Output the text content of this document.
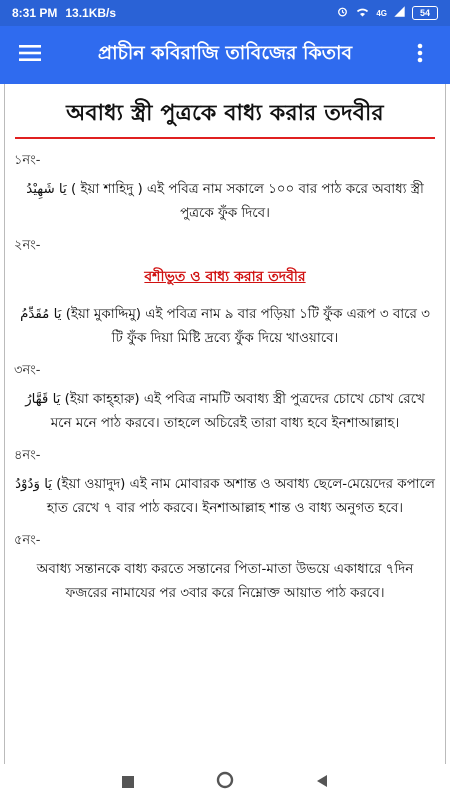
8:31 PM 13.1KB/s	4G	54
প্রাচীন কবিরাজি তাবিজের কিতাব
অবাধ্য স্ত্রী পুত্রকে বাধ্য করার তদবীর
১নং-

یَا شَهِیْدُ ( ইয়া শাহিদু ) এই পবিত্র নাম সকালে ১০০ বার পাঠ করে অবাধ্য স্ত্রী পুত্রকে ফুঁক দিবে।

২নং-
বশীভুত ও বাধ্য করার তদবীর

یَا مُقَدِّمُ (ইয়া মুকাদ্দিমু) এই পবিত্র নাম ৯ বার পড়িয়া ১টি ফুঁক এরূপ ৩ বারে ৩ টি ফুঁক দিয়া মিষ্টি দ্রব্যে ফুঁক দিয়ে খাওয়াবে।

৩নং-

یَا قَهَّارُ (ইয়া কাহ্হারু) এই পবিত্র নামটি অবাধ্য স্ত্রী পুত্রদের চোখে চোখ রেখে মনে মনে পাঠ করবে। তাহলে অচিরেই তারা বাধ্য হবে ইনশাআল্লাহ।

৪নং-

یَا وَدُوْدُ (ইয়া ওয়াদুদ) এই নাম মোবারক অশান্ত ও অবাধ্য ছেলে-মেয়েদের কপালে হাত রেখে ৭ বার পাঠ করবে। ইনশাআল্লাহ শান্ত ও বাধ্য অনুগত হবে।

৫নং-

অবাধ্য সন্তানকে বাধ্য করতে সন্তানের পিতা-মাতা উভয়ে একাধারে ৭দিন ফজরের নামাযের পর ৩বার করে নিম্নোক্ত আয়াত পাঠ করবে।
